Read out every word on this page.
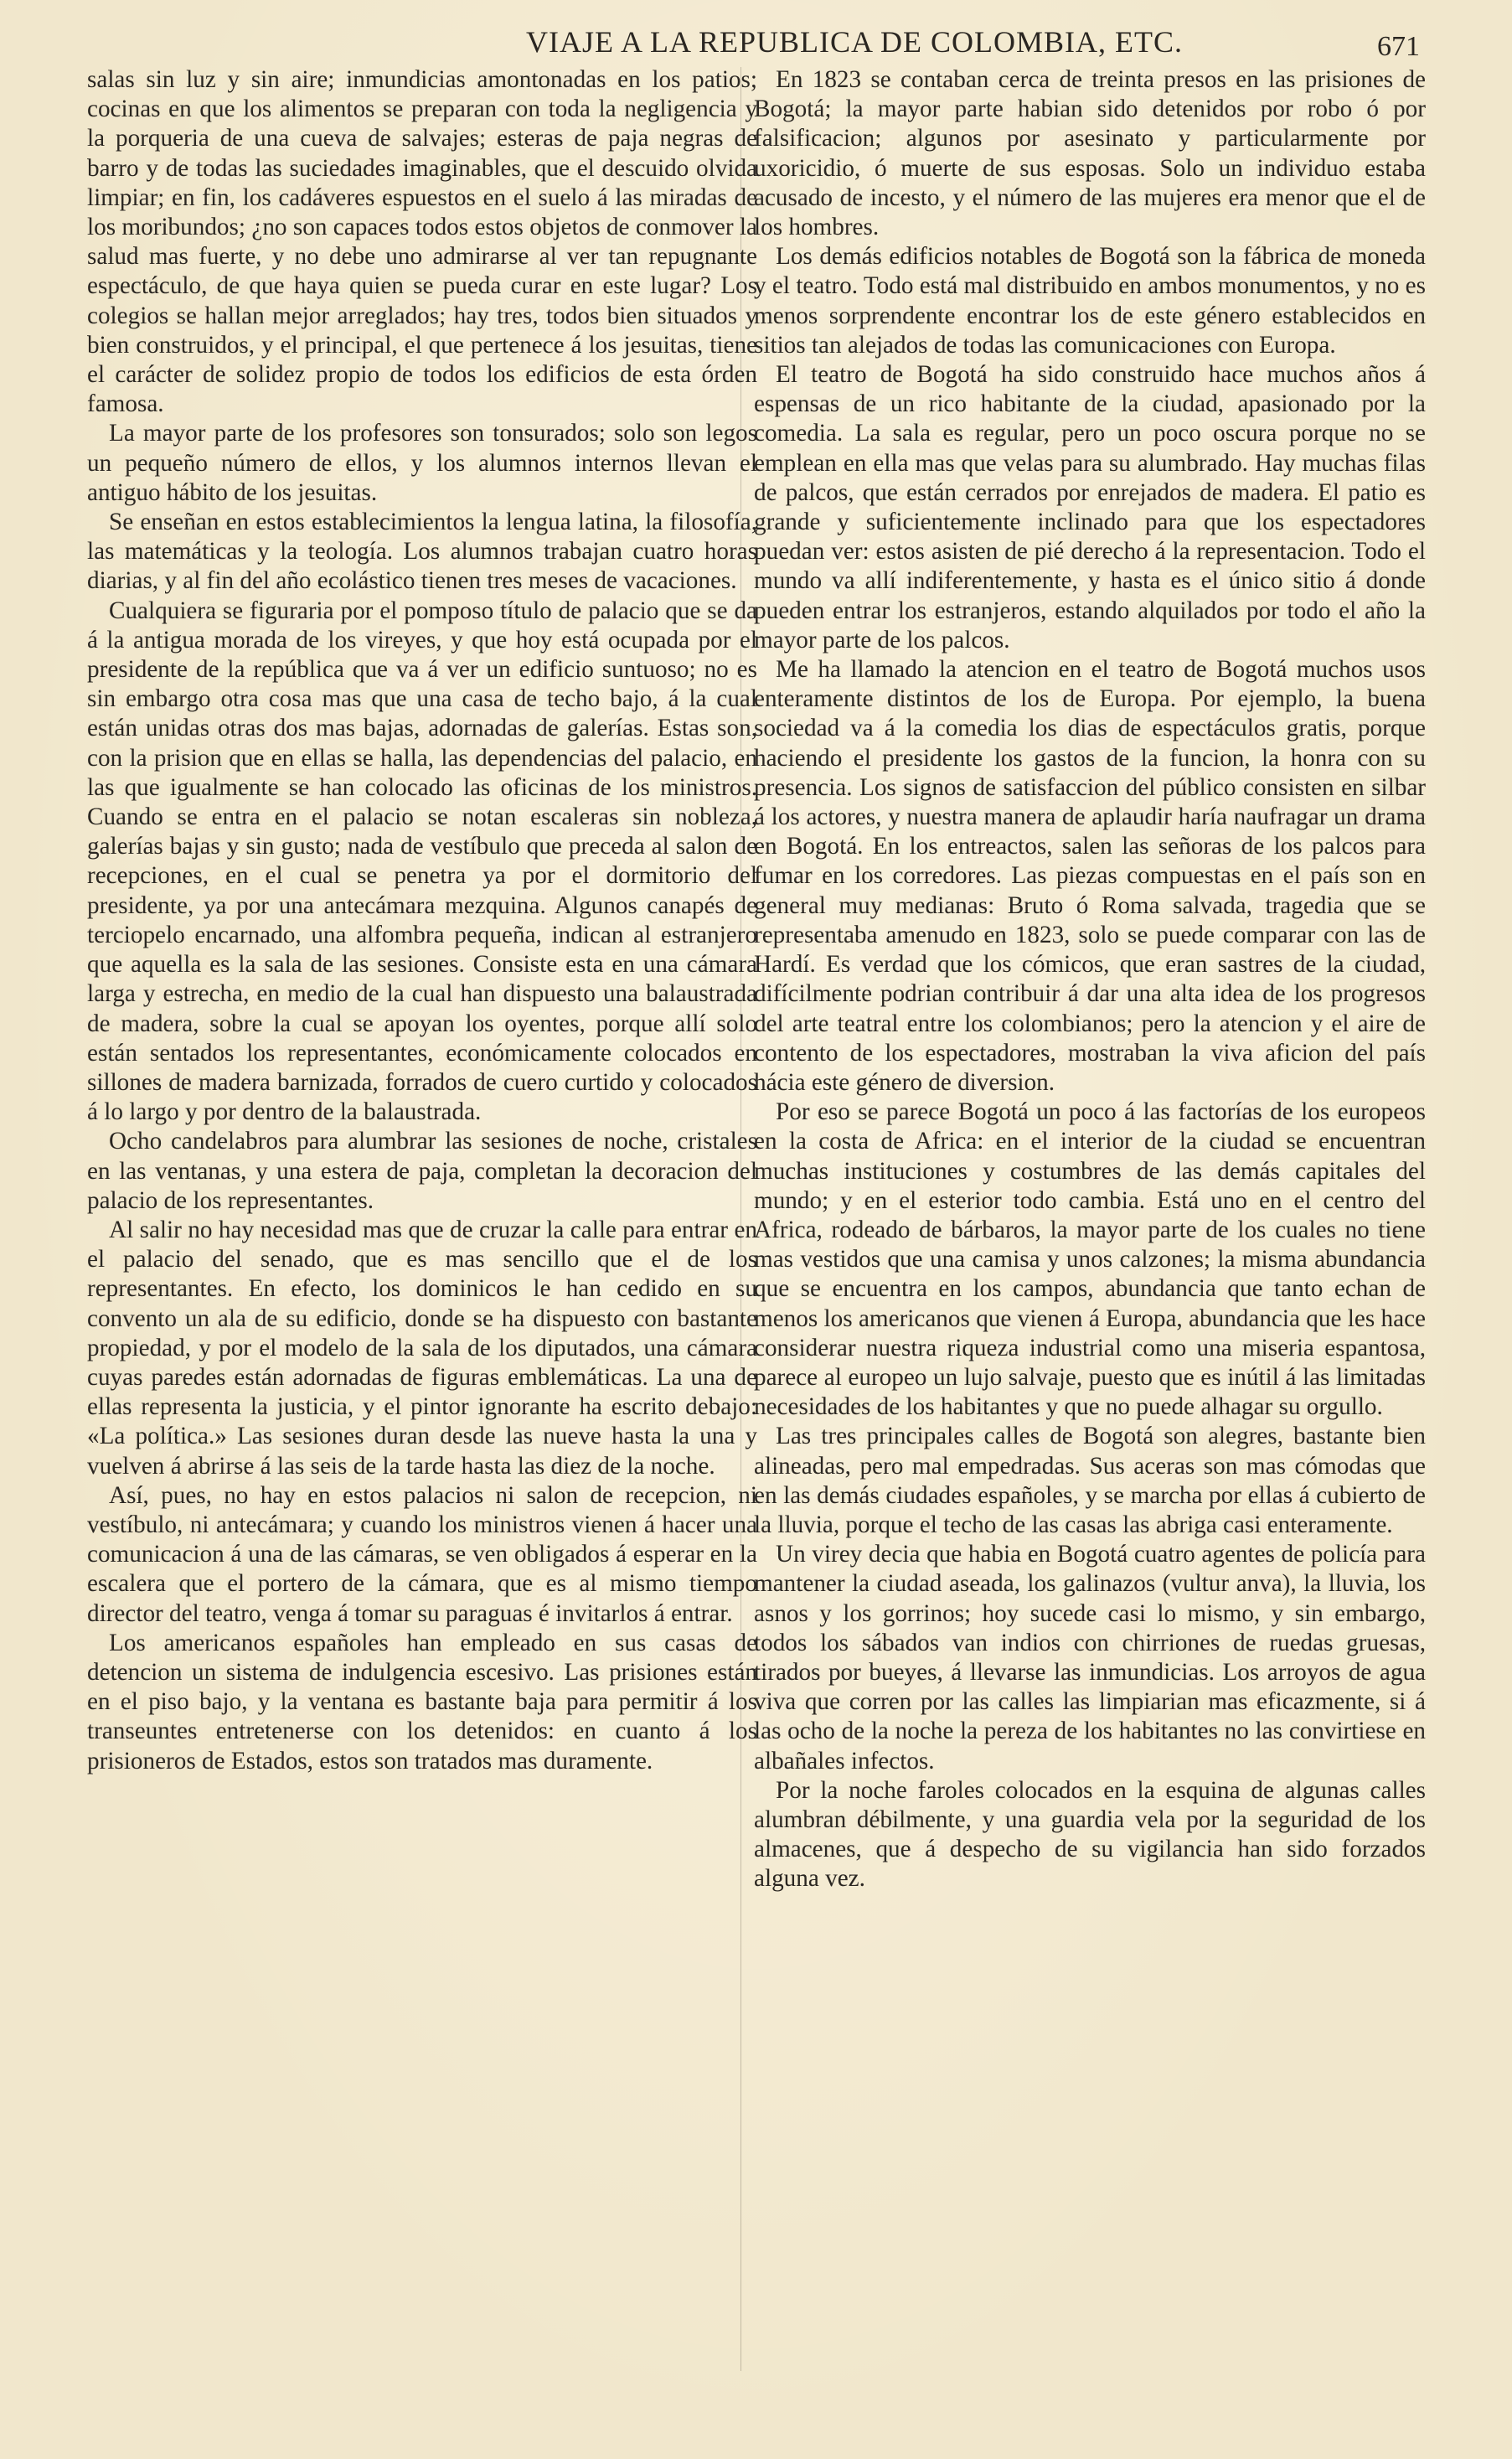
VIAJE A LA REPUBLICA DE COLOMBIA, ETC.	671

salas sin luz y sin aire; inmundicias amontonadas en los patios; cocinas en que los alimentos se preparan con toda la negligencia y la porqueria de una cueva de salvajes; esteras de paja negras de barro y de todas las suciedades imaginables, que el descuido olvida limpiar; en fin, los cadáveres espuestos en el suelo á las miradas de los moribundos; ¿no son capaces todos estos objetos de conmover la salud mas fuerte, y no debe uno admirarse al ver tan repugnante espectáculo, de que haya quien se pueda curar en este lugar? Los colegios se hallan mejor arreglados; hay tres, todos bien situados y bien construidos, y el principal, el que pertenece á los jesuitas, tiene el carácter de solidez propio de todos los edificios de esta órden famosa.

La mayor parte de los profesores son tonsurados; solo son legos un pequeño número de ellos, y los alumnos internos llevan el antiguo hábito de los jesuitas.

Se enseñan en estos establecimientos la lengua latina, la filosofía, las matemáticas y la teología. Los alumnos trabajan cuatro horas diarias, y al fin del año ecolástico tienen tres meses de vacaciones.

Cualquiera se figuraria por el pomposo título de palacio que se da á la antigua morada de los vireyes, y que hoy está ocupada por el presidente de la república que va á ver un edificio suntuoso; no es sin embargo otra cosa mas que una casa de techo bajo, á la cual están unidas otras dos mas bajas, adornadas de galerías. Estas son, con la prision que en ellas se halla, las dependencias del palacio, en las que igualmente se han colocado las oficinas de los ministros. Cuando se entra en el palacio se notan escaleras sin nobleza, galerías bajas y sin gusto; nada de vestíbulo que preceda al salon de recepciones, en el cual se penetra ya por el dormitorio del presidente, ya por una antecámara mezquina. Algunos canapés de terciopelo encarnado, una alfombra pequeña, indican al estranjero que aquella es la sala de las sesiones. Consiste esta en una cámara larga y estrecha, en medio de la cual han dispuesto una balaustrada de madera, sobre la cual se apoyan los oyentes, porque allí solo están sentados los representantes, económicamente colocados en sillones de madera barnizada, forrados de cuero curtido y colocados á lo largo y por dentro de la balaustrada.

Ocho candelabros para alumbrar las sesiones de noche, cristales en las ventanas, y una estera de paja, completan la decoracion del palacio de los representantes.

Al salir no hay necesidad mas que de cruzar la calle para entrar en el palacio del senado, que es mas sencillo que el de los representantes. En efecto, los dominicos le han cedido en su convento un ala de su edificio, donde se ha dispuesto con bastante propiedad, y por el modelo de la sala de los diputados, una cámara cuyas paredes están adornadas de figuras emblemáticas. La una de ellas representa la justicia, y el pintor ignorante ha escrito debajo: «La política.» Las sesiones duran desde las nueve hasta la una y vuelven á abrirse á las seis de la tarde hasta las diez de la noche.

Así, pues, no hay en estos palacios ni salon de recepcion, ni vestíbulo, ni antecámara; y cuando los ministros vienen á hacer una comunicacion á una de las cámaras, se ven obligados á esperar en la escalera que el portero de la cámara, que es al mismo tiempo director del teatro, venga á tomar su paraguas é invitarlos á entrar.

Los americanos españoles han empleado en sus casas de detencion un sistema de indulgencia escesivo. Las prisiones están en el piso bajo, y la ventana es bastante baja para permitir á los transeuntes entretenerse con los detenidos: en cuanto á los prisioneros de Estados, estos son tratados mas duramente.

En 1823 se contaban cerca de treinta presos en las prisiones de Bogotá; la mayor parte habian sido detenidos por robo ó por falsificacion; algunos por asesinato y particularmente por uxoricidio, ó muerte de sus esposas. Solo un individuo estaba acusado de incesto, y el número de las mujeres era menor que el de los hombres.

Los demás edificios notables de Bogotá son la fábrica de moneda y el teatro. Todo está mal distribuido en ambos monumentos, y no es menos sorprendente encontrar los de este género establecidos en sitios tan alejados de todas las comunicaciones con Europa.

El teatro de Bogotá ha sido construido hace muchos años á espensas de un rico habitante de la ciudad, apasionado por la comedia. La sala es regular, pero un poco oscura porque no se emplean en ella mas que velas para su alumbrado. Hay muchas filas de palcos, que están cerrados por enrejados de madera. El patio es grande y suficientemente inclinado para que los espectadores puedan ver: estos asisten de pié derecho á la representacion. Todo el mundo va allí indiferentemente, y hasta es el único sitio á donde pueden entrar los estranjeros, estando alquilados por todo el año la mayor parte de los palcos.

Me ha llamado la atencion en el teatro de Bogotá muchos usos enteramente distintos de los de Europa. Por ejemplo, la buena sociedad va á la comedia los dias de espectáculos gratis, porque haciendo el presidente los gastos de la funcion, la honra con su presencia. Los signos de satisfaccion del público consisten en silbar á los actores, y nuestra manera de aplaudir haría naufragar un drama en Bogotá. En los entreactos, salen las señoras de los palcos para fumar en los corredores. Las piezas compuestas en el país son en general muy medianas: Bruto ó Roma salvada, tragedia que se representaba amenudo en 1823, solo se puede comparar con las de Hardí. Es verdad que los cómicos, que eran sastres de la ciudad, difícilmente podrian contribuir á dar una alta idea de los progresos del arte teatral entre los colombianos; pero la atencion y el aire de contento de los espectadores, mostraban la viva aficion del país hácia este género de diversion.

Por eso se parece Bogotá un poco á las factorías de los europeos en la costa de Africa: en el interior de la ciudad se encuentran muchas instituciones y costumbres de las demás capitales del mundo; y en el esterior todo cambia. Está uno en el centro del Africa, rodeado de bárbaros, la mayor parte de los cuales no tiene mas vestidos que una camisa y unos calzones; la misma abundancia que se encuentra en los campos, abundancia que tanto echan de menos los americanos que vienen á Europa, abundancia que les hace considerar nuestra riqueza industrial como una miseria espantosa, parece al europeo un lujo salvaje, puesto que es inútil á las limitadas necesidades de los habitantes y que no puede alhagar su orgullo.

Las tres principales calles de Bogotá son alegres, bastante bien alineadas, pero mal empedradas. Sus aceras son mas cómodas que en las demás ciudades españoles, y se marcha por ellas á cubierto de la lluvia, porque el techo de las casas las abriga casi enteramente.

Un virey decia que habia en Bogotá cuatro agentes de policía para mantener la ciudad aseada, los galinazos (vultur anva), la lluvia, los asnos y los gorrinos; hoy sucede casi lo mismo, y sin embargo, todos los sábados van indios con chirriones de ruedas gruesas, tirados por bueyes, á llevarse las inmundicias. Los arroyos de agua viva que corren por las calles las limpiarian mas eficazmente, si á las ocho de la noche la pereza de los habitantes no las convirtiese en albañales infectos.

Por la noche faroles colocados en la esquina de algunas calles alumbran débilmente, y una guardia vela por la seguridad de los almacenes, que á despecho de su vigilancia han sido forzados alguna vez.
